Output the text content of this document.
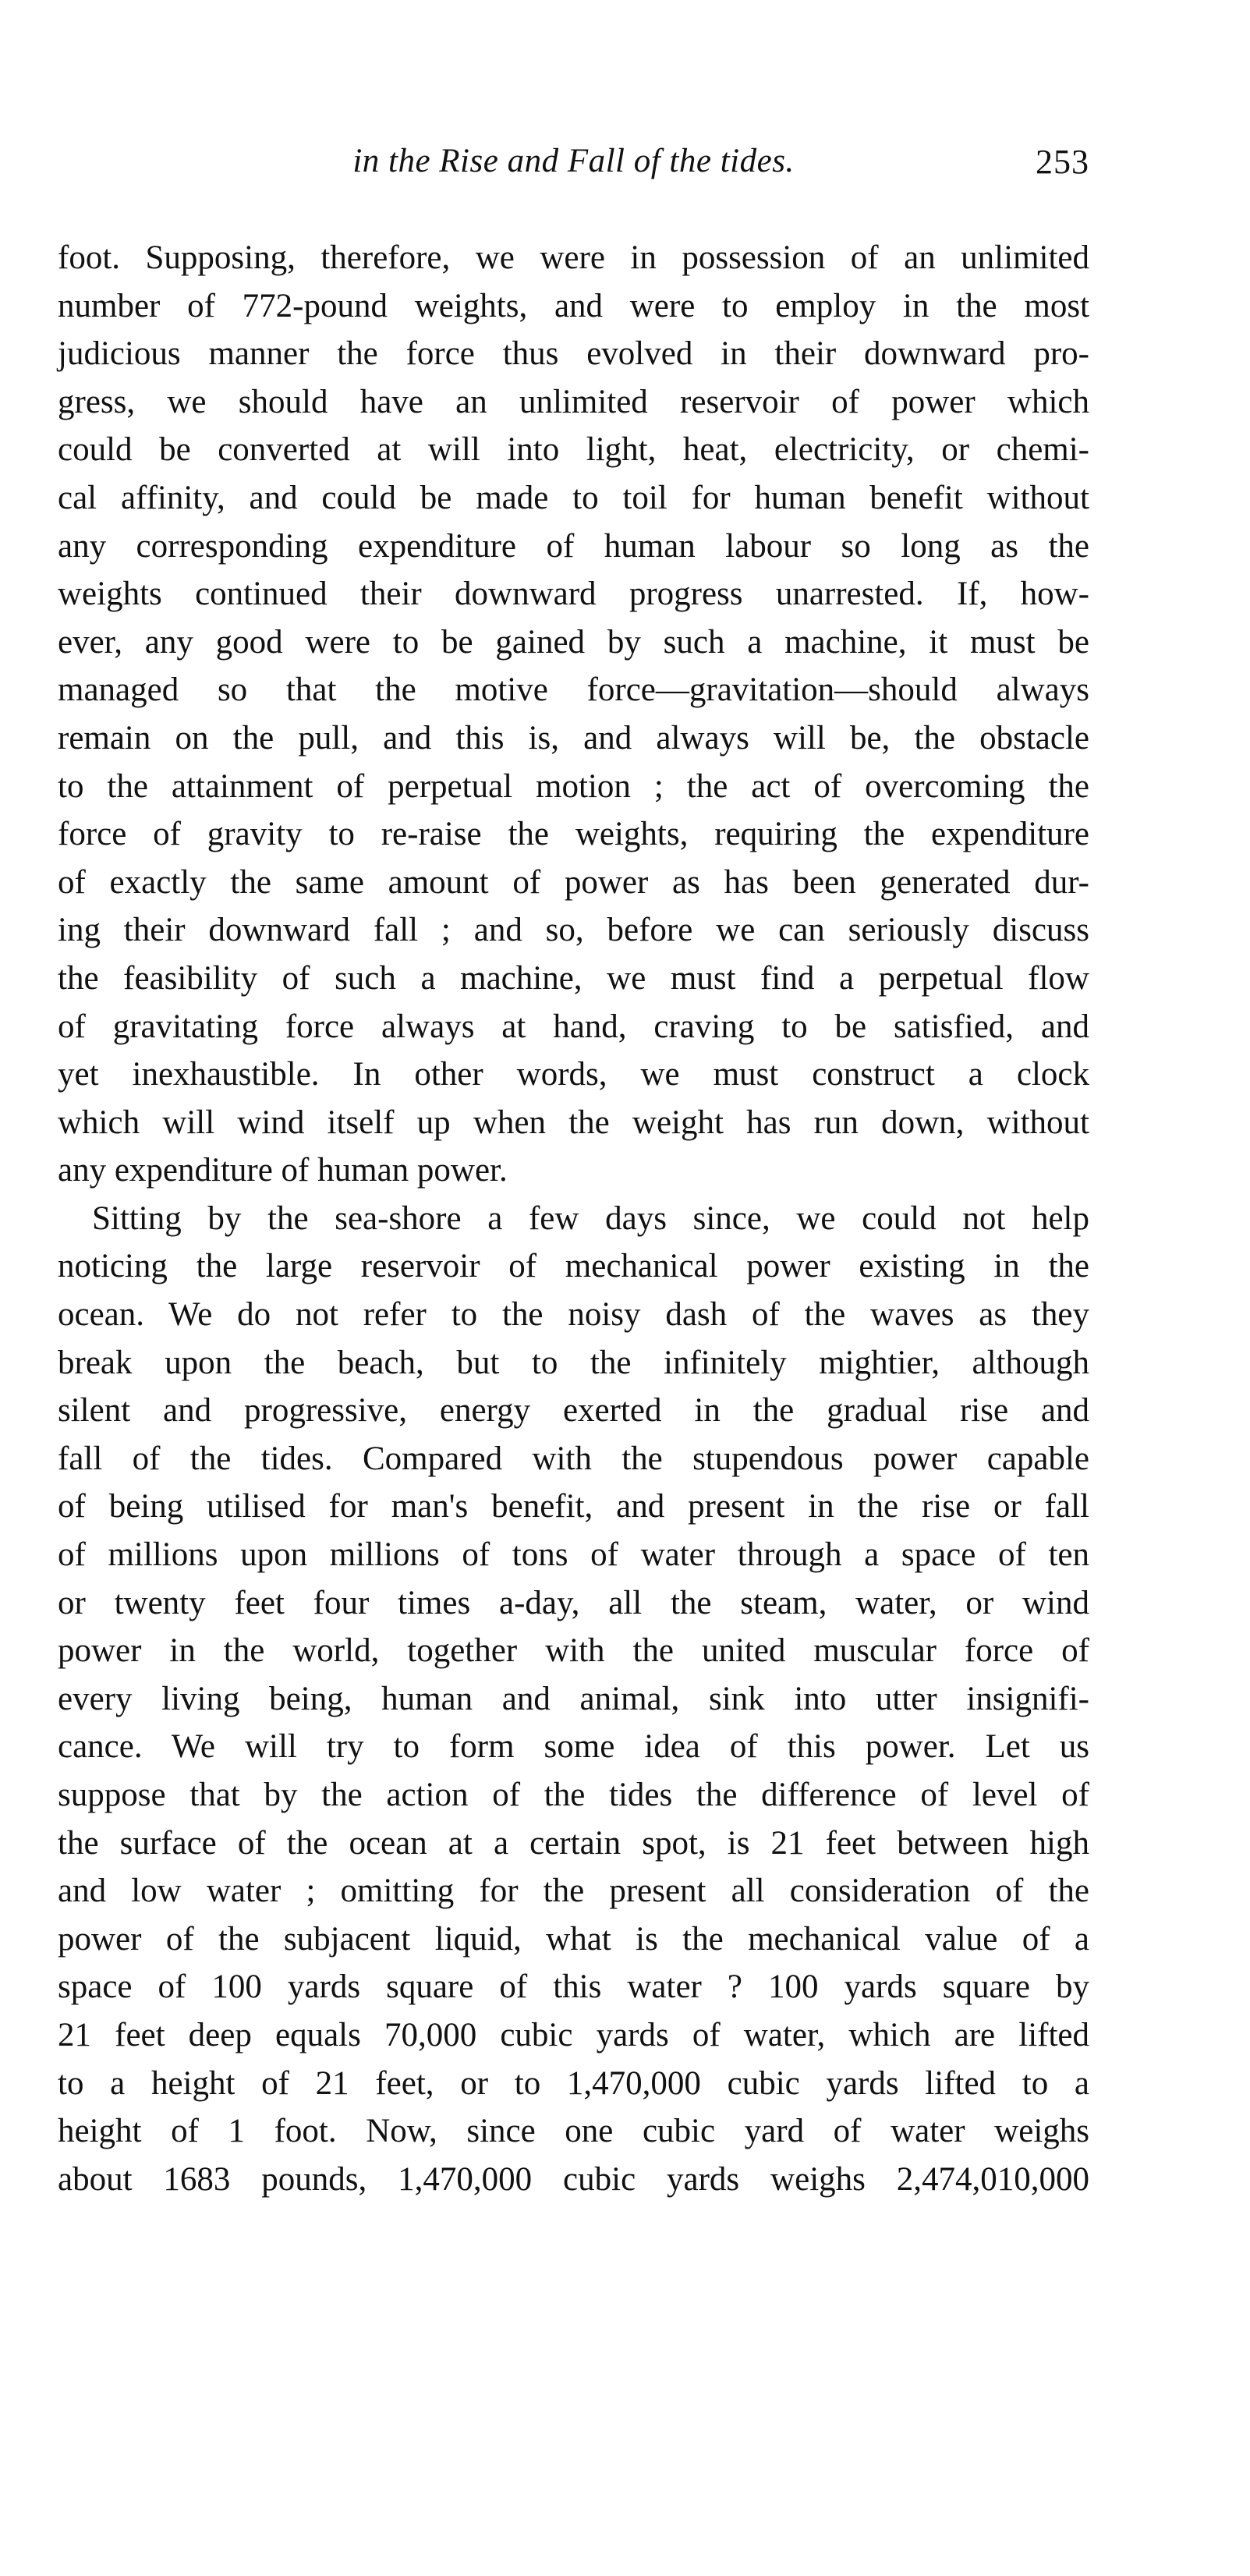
in the Rise and Fall of the tides.	253
foot. Supposing, therefore, we were in possession of an unlimited
number of 772-pound weights, and were to employ in the most
judicious manner the force thus evolved in their downward pro-
gress, we should have an unlimited reservoir of power which
could be converted at will into light, heat, electricity, or chemi-
cal affinity, and could be made to toil for human benefit without
any corresponding expenditure of human labour so long as the
weights continued their downward progress unarrested. If, how-
ever, any good were to be gained by such a machine, it must be
managed so that the motive force—gravitation—should always
remain on the pull, and this is, and always will be, the obstacle
to the attainment of perpetual motion ; the act of overcoming the
force of gravity to re-raise the weights, requiring the expenditure
of exactly the same amount of power as has been generated dur-
ing their downward fall ; and so, before we can seriously discuss
the feasibility of such a machine, we must find a perpetual flow
of gravitating force always at hand, craving to be satisfied, and
yet inexhaustible. In other words, we must construct a clock
which will wind itself up when the weight has run down, without
any expenditure of human power.
Sitting by the sea-shore a few days since, we could not help
noticing the large reservoir of mechanical power existing in the
ocean. We do not refer to the noisy dash of the waves as they
break upon the beach, but to the infinitely mightier, although
silent and progressive, energy exerted in the gradual rise and
fall of the tides. Compared with the stupendous power capable
of being utilised for man's benefit, and present in the rise or fall
of millions upon millions of tons of water through a space of ten
or twenty feet four times a-day, all the steam, water, or wind
power in the world, together with the united muscular force of
every living being, human and animal, sink into utter insignifi-
cance. We will try to form some idea of this power. Let us
suppose that by the action of the tides the difference of level of
the surface of the ocean at a certain spot, is 21 feet between high
and low water ; omitting for the present all consideration of the
power of the subjacent liquid, what is the mechanical value of a
space of 100 yards square of this water ? 100 yards square by
21 feet deep equals 70,000 cubic yards of water, which are lifted
to a height of 21 feet, or to 1,470,000 cubic yards lifted to a
height of 1 foot. Now, since one cubic yard of water weighs
about 1683 pounds, 1,470,000 cubic yards weighs 2,474,010,000
